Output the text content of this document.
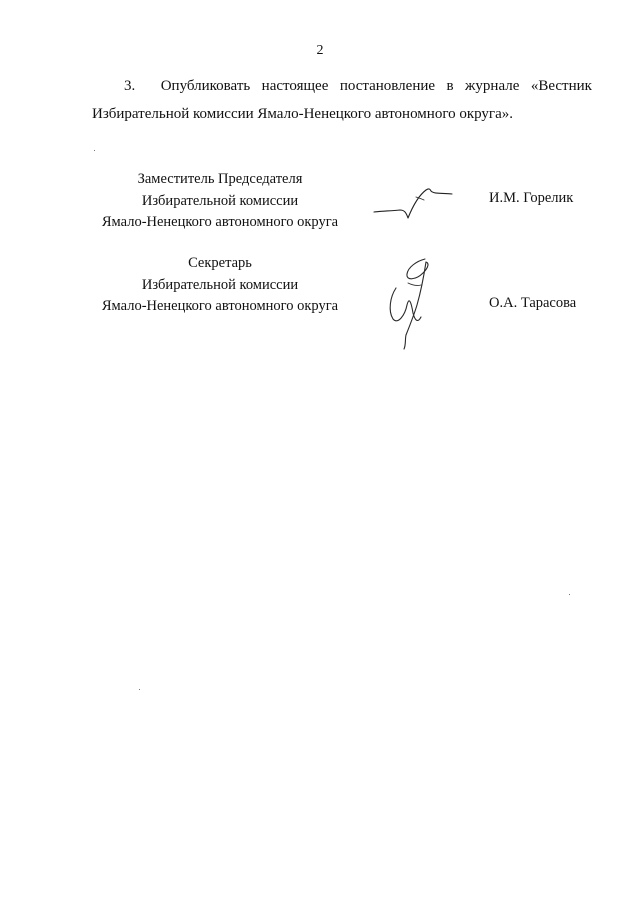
2
3. Опубликовать настоящее постановление в журнале «Вестник
Избирательной комиссии Ямало-Ненецкого автономного округа».
Заместитель Председателя
Избирательной комиссии
Ямало-Ненецкого автономного округа
И.М. Горелик
Секретарь
Избирательной комиссии
Ямало-Ненецкого автономного округа	О.А. Тарасова
